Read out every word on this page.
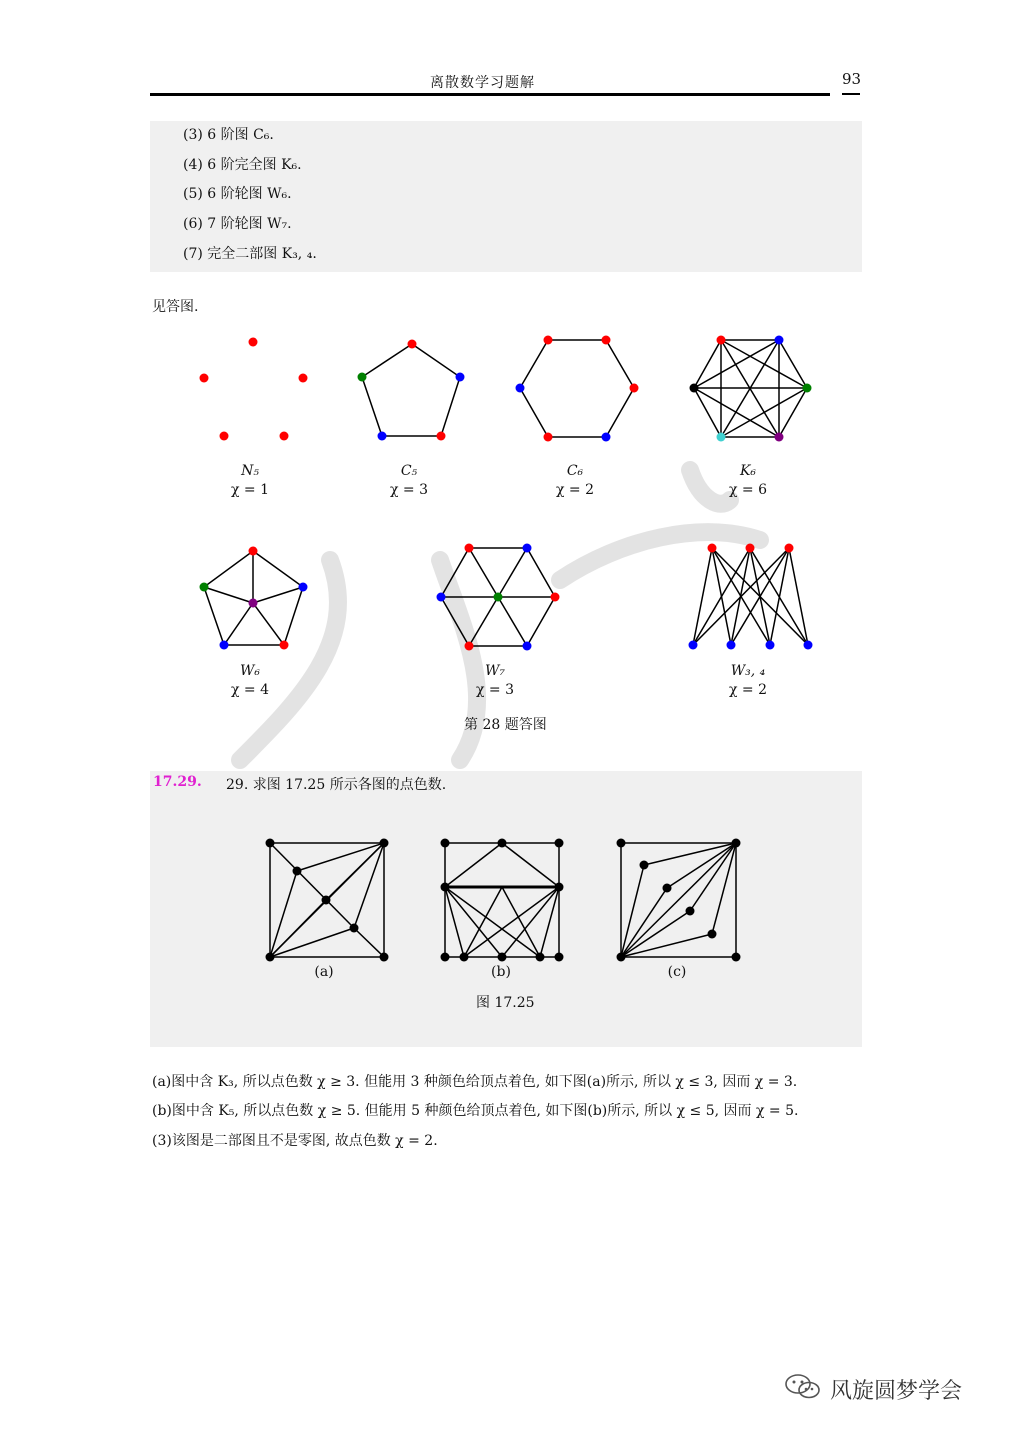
离散数学习题解	93
(3) 6 阶图 C₆.
(4) 6 阶完全图 K₆.
(5) 6 阶轮图 W₆.
(6) 7 阶轮图 W₇.
(7) 完全二部图 K₃, ₄.
见答图.
N₅
χ = 1
C₅
χ = 3
C₆
χ = 2
K₆
χ = 6
W₆
χ = 4
W₇
χ = 3
W₃, ₄
χ = 2
第 28 题答图
17.29. 29. 求图 17.25 所示各图的点色数.
(a)	(b)	(c)
图 17.25
(a)图中含 K₃, 所以点色数 χ ≥ 3. 但能用 3 种颜色给顶点着色, 如下图(a)所示, 所以 χ ≤ 3, 因而 χ = 3.
(b)图中含 K₅, 所以点色数 χ ≥ 5. 但能用 5 种颜色给顶点着色, 如下图(b)所示, 所以 χ ≤ 5, 因而 χ = 5.
(3)该图是二部图且不是零图, 故点色数 χ = 2.
风旋圆梦学会
